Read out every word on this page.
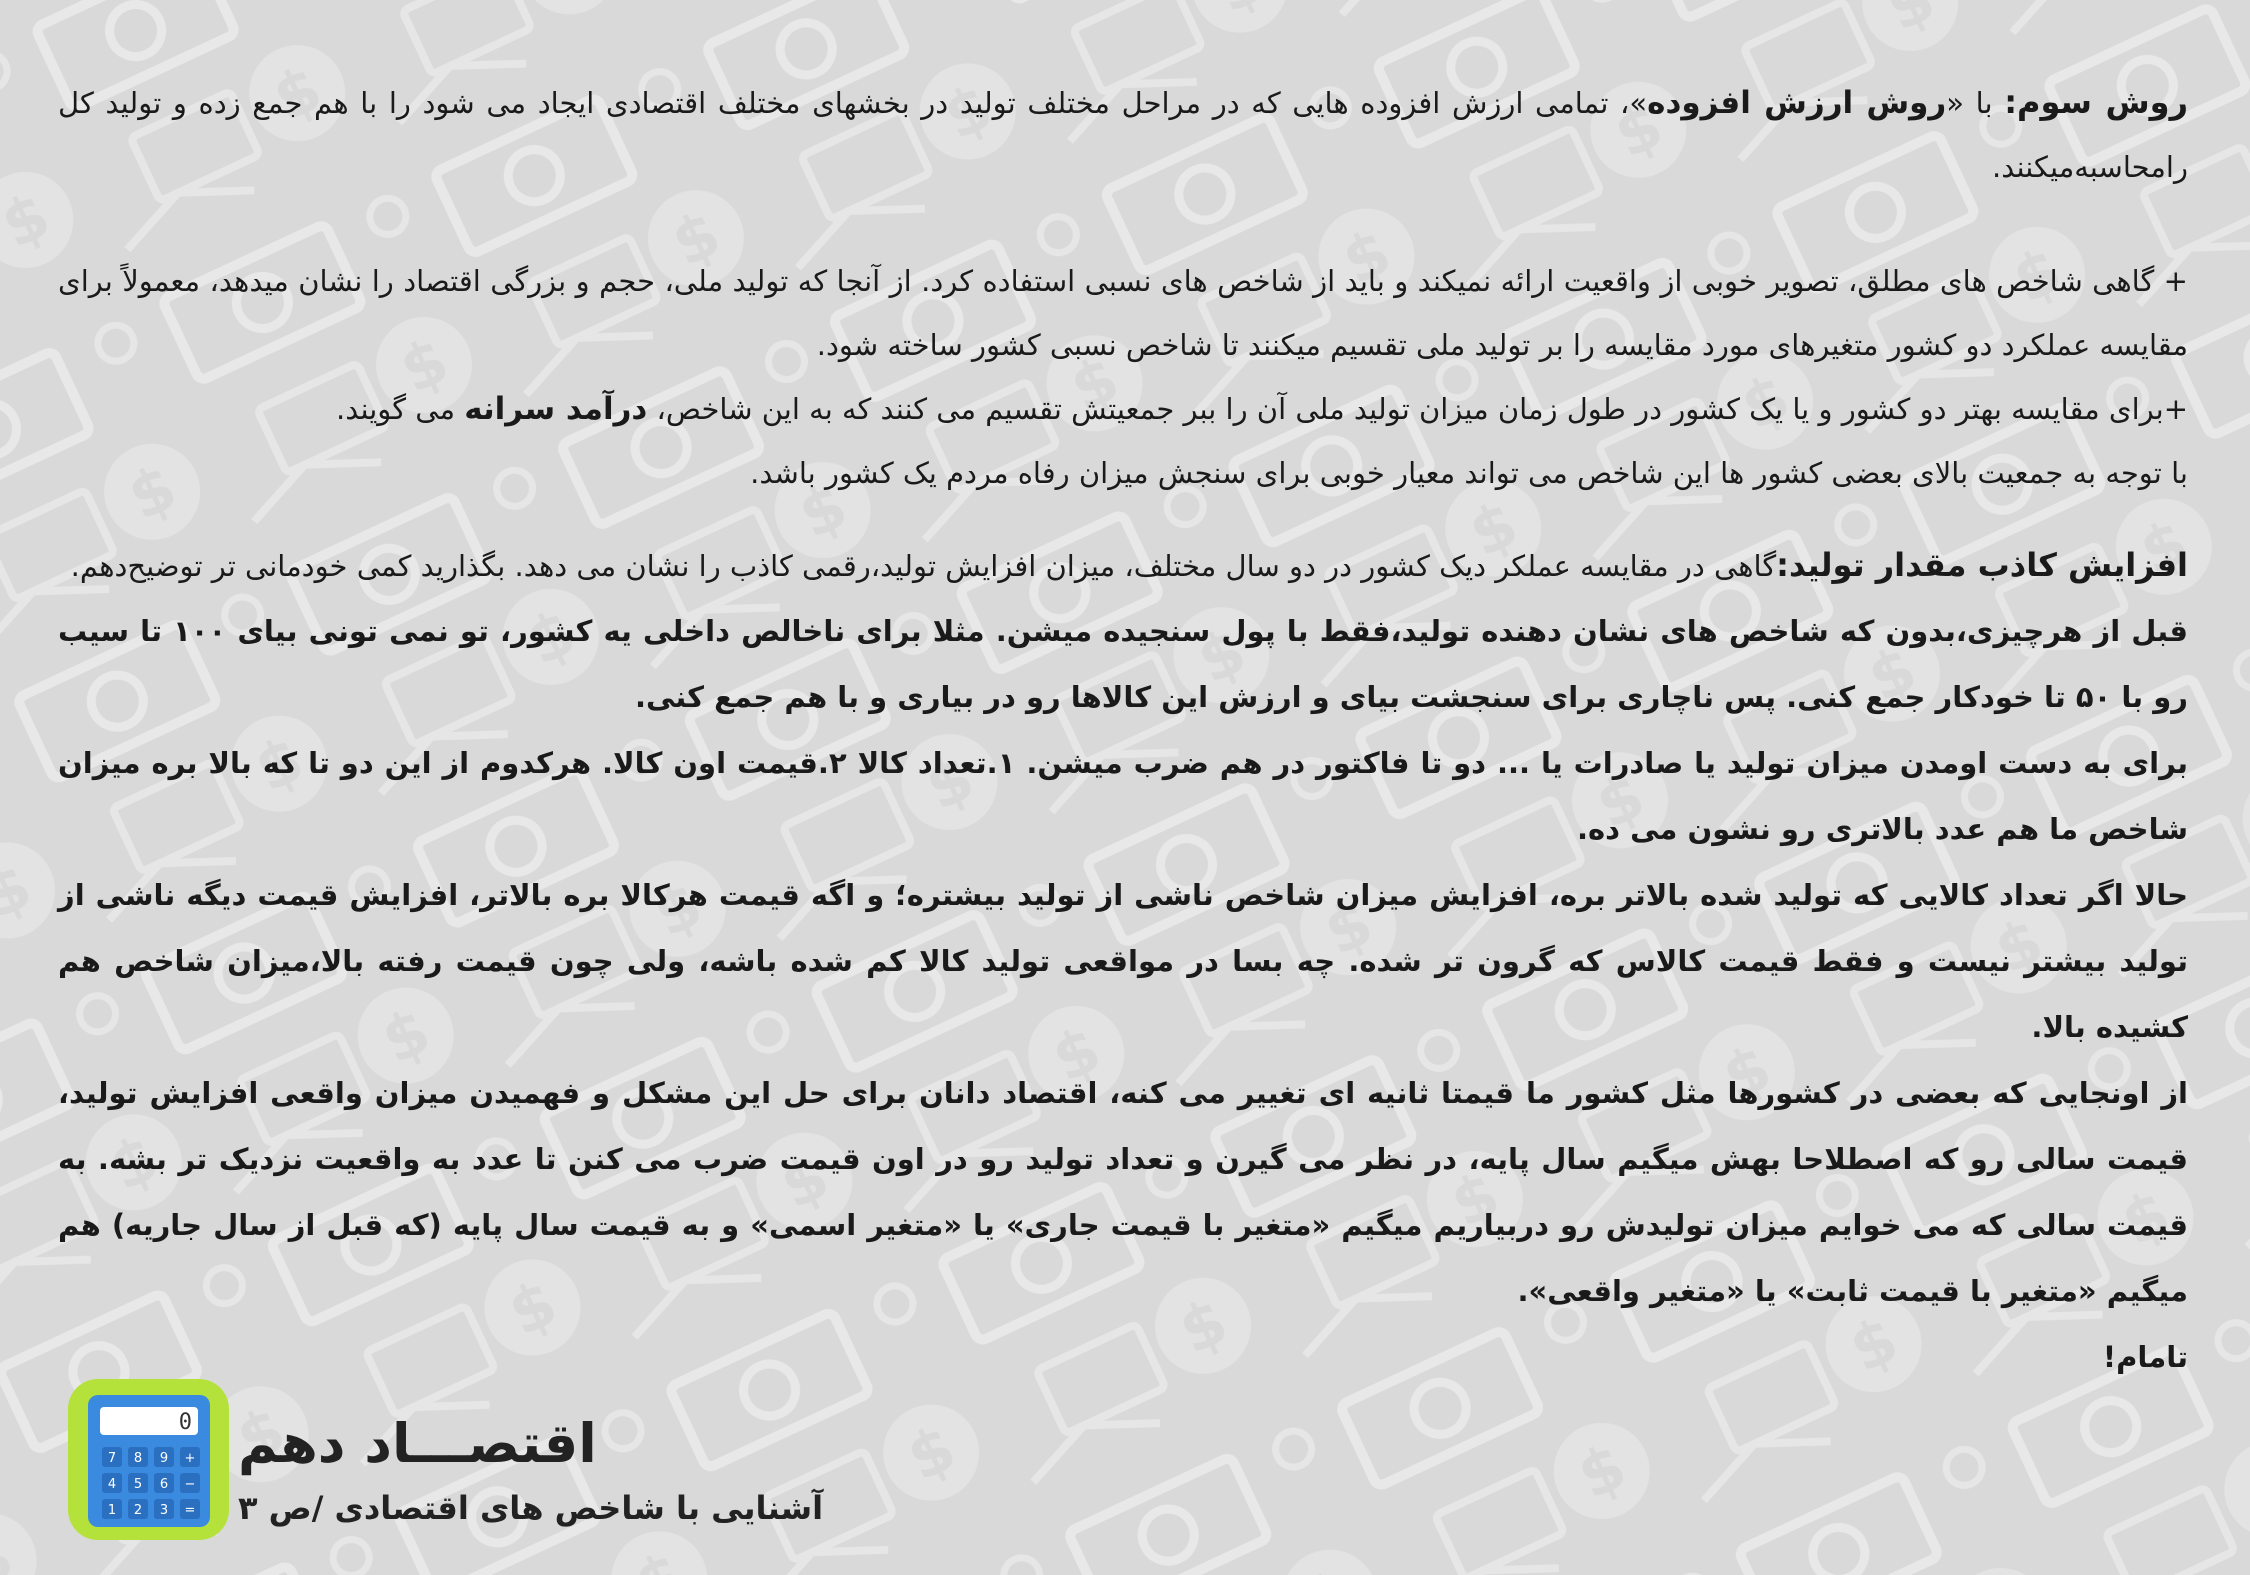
روش سوم: با «روش ارزش افزوده»، تمامی ارزش افزوده هایی که در مراحل مختلف تولید در بخشهای مختلف اقتصادی ایجاد می شود را با هم جمع زده و تولید کل رامحاسبه‌میکنند.

+ گاهی شاخص های مطلق، تصویر خوبی از واقعیت ارائه نمیکند و باید از شاخص های نسبی استفاده کرد. از آنجا که تولید ملی، حجم و بزرگی اقتصاد را نشان میدهد، معمولاً برای مقایسه عملکرد دو کشور متغیرهای مورد مقایسه را بر تولید ملی تقسیم میکنند تا شاخص نسبی کشور ساخته شود.

+برای مقایسه بهتر دو کشور و یا یک کشور در طول زمان میزان تولید ملی آن را ببر جمعیتش تقسیم می کنند که به این شاخص، درآمد سرانه می گویند.

با توجه به جمعیت بالای بعضی کشور ها این شاخص می تواند معیار خوبی برای سنجش میزان رفاه مردم یک کشور باشد.

افزایش کاذب مقدار تولید:گاهی در مقایسه عملکر دیک کشور در دو سال مختلف، میزان افزایش تولید،رقمی کاذب را نشان می دهد. بگذارید کمی خودمانی تر توضیح‌دهم.

قبل از هرچیزی،بدون که شاخص های نشان دهنده تولید،فقط با پول سنجیده میشن. مثلا برای ناخالص داخلی یه کشور، تو نمی تونی بیای ۱۰۰ تا سیب رو با ۵۰ تا خودکار جمع کنی. پس ناچاری برای سنجشت بیای و ارزش این کالاها رو در بیاری و با هم جمع کنی.

برای به دست اومدن میزان تولید یا صادرات یا ... دو تا فاکتور در هم ضرب میشن. ۱.تعداد کالا ۲.قیمت اون کالا. هرکدوم از این دو تا که بالا بره میزان شاخص ما هم عدد بالاتری رو نشون می ده.

حالا اگر تعداد کالایی که تولید شده بالاتر بره، افزایش میزان شاخص ناشی از تولید بیشتره؛ و اگه قیمت هرکالا بره بالاتر، افزایش قیمت دیگه ناشی از تولید بیشتر نیست و فقط قیمت کالاس که گرون تر شده. چه بسا در مواقعی تولید کالا کم شده باشه، ولی چون قیمت رفته بالا،میزان شاخص هم کشیده بالا.

از اونجایی که بعضی در کشورها مثل کشور ما قیمتا ثانیه ای تغییر می کنه، اقتصاد دانان برای حل این مشکل و فهمیدن میزان واقعی افزایش تولید، قیمت سالی رو که اصطلاحا بهش میگیم سال پایه، در نظر می گیرن و تعداد تولید رو در اون قیمت ضرب می کنن تا عدد به واقعیت نزدیک تر بشه. به قیمت سالی که می خوایم میزان تولیدش رو دربیاریم میگیم «متغیر با قیمت جاری» یا «متغیر اسمی» و به قیمت سال پایه (که قبل از سال جاریه) هم میگیم «متغیر با قیمت ثابت» یا «متغیر واقعی».

تامام!

0
7 8 9 +
4 5 6 −
1 2 3 =
اقتصـــاد دهم
آشنایی با شاخص های اقتصادی /ص ۳
